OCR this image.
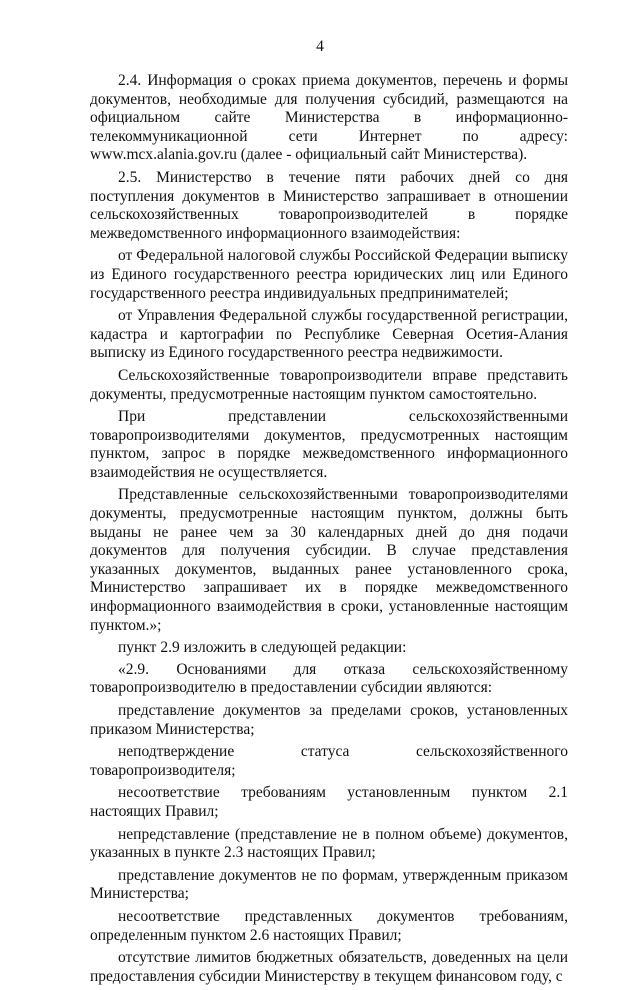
4

2.4. Информация о сроках приема документов, перечень и формы документов, необходимые для получения субсидий, размещаются на официальном сайте Министерства в информационно-телекоммуникационной сети Интернет по адресу: www.mcx.alania.gov.ru (далее - официальный сайт Министерства).

2.5. Министерство в течение пяти рабочих дней со дня поступления документов в Министерство запрашивает в отношении сельскохозяйственных товаропроизводителей в порядке межведомственного информационного взаимодействия:

от Федеральной налоговой службы Российской Федерации выписку из Единого государственного реестра юридических лиц или Единого государственного реестра индивидуальных предпринимателей;

от Управления Федеральной службы государственной регистрации, кадастра и картографии по Республике Северная Осетия-Алания выписку из Единого государственного реестра недвижимости.

Сельскохозяйственные товаропроизводители вправе представить документы, предусмотренные настоящим пунктом самостоятельно.

При представлении сельскохозяйственными товаропроизводителями документов, предусмотренных настоящим пунктом, запрос в порядке межведомственного информационного взаимодействия не осуществляется.

Представленные сельскохозяйственными товаропроизводителями документы, предусмотренные настоящим пунктом, должны быть выданы не ранее чем за 30 календарных дней до дня подачи документов для получения субсидии. В случае представления указанных документов, выданных ранее установленного срока, Министерство запрашивает их в порядке межведомственного информационного взаимодействия в сроки, установленные настоящим пунктом.»;

пункт 2.9 изложить в следующей редакции:

«2.9. Основаниями для отказа сельскохозяйственному товаропроизводителю в предоставлении субсидии являются:

представление документов за пределами сроков, установленных приказом Министерства;

неподтверждение статуса сельскохозяйственного товаропроизводителя;

несоответствие требованиям установленным пунктом 2.1 настоящих Правил;

непредставление (представление не в полном объеме) документов, указанных в пункте 2.3 настоящих Правил;

представление документов не по формам, утвержденным приказом Министерства;

несоответствие представленных документов требованиям, определенным пунктом 2.6 настоящих Правил;

отсутствие лимитов бюджетных обязательств, доведенных на цели предоставления субсидии Министерству в текущем финансовом году, с
